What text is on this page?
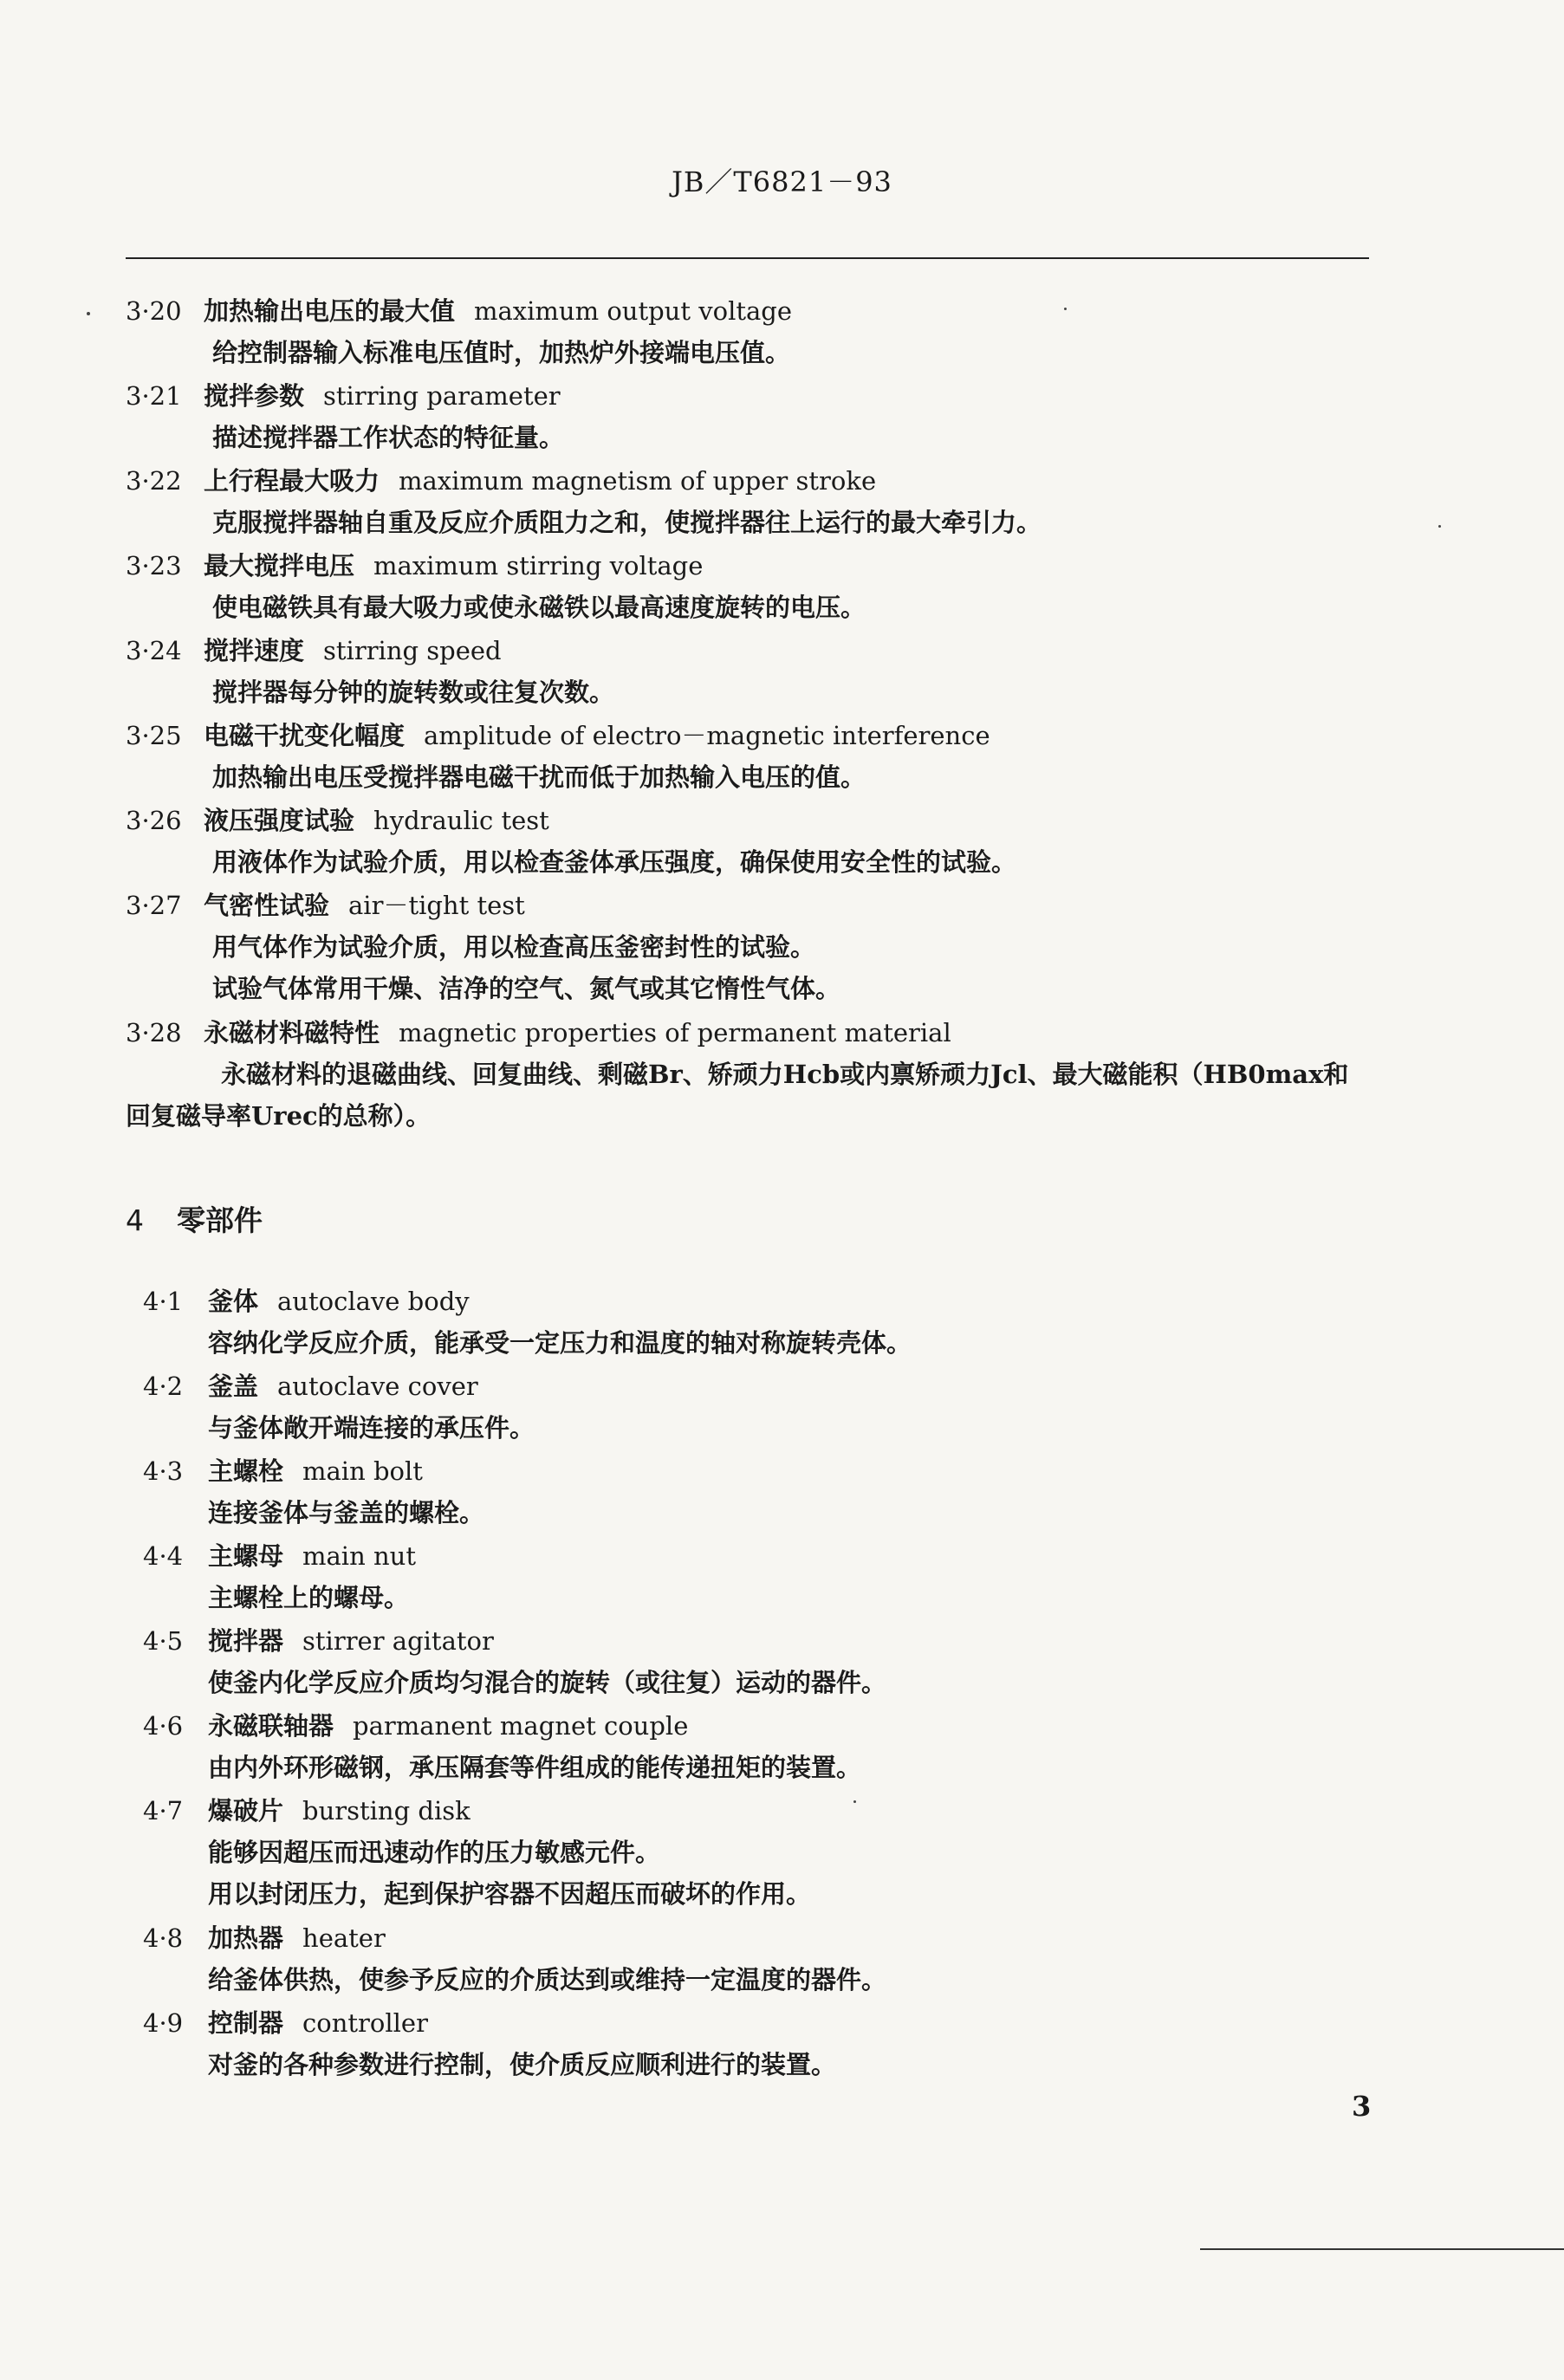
JB／T6821－93
3·20 加热输出电压的最大值 maximum output voltage
给控制器输入标准电压值时，加热炉外接端电压值。
3·21 搅拌参数 stirring parameter
描述搅拌器工作状态的特征量。
3·22 上行程最大吸力 maximum magnetism of upper stroke
克服搅拌器轴自重及反应介质阻力之和，使搅拌器往上运行的最大牵引力。
3·23 最大搅拌电压 maximum stirring voltage
使电磁铁具有最大吸力或使永磁铁以最高速度旋转的电压。
3·24 搅拌速度 stirring speed
搅拌器每分钟的旋转数或往复次数。
3·25 电磁干扰变化幅度 amplitude of electro－magnetic interference
加热输出电压受搅拌器电磁干扰而低于加热输入电压的值。
3·26 液压强度试验 hydraulic test
用液体作为试验介质，用以检查釜体承压强度，确保使用安全性的试验。
3·27 气密性试验 air－tight test
用气体作为试验介质，用以检查高压釜密封性的试验。
试验气体常用干燥、洁净的空气、氮气或其它惰性气体。
3·28 永磁材料磁特性 magnetic properties of permanent material
永磁材料的退磁曲线、回复曲线、剩磁Br、矫顽力Hcb或内禀矫顽力Jcl、最大磁能积（HB0max和
回复磁导率Urec的总称）。
4 零部件
4·1 釜体 autoclave body
容纳化学反应介质，能承受一定压力和温度的轴对称旋转壳体。
4·2 釜盖 autoclave cover
与釜体敞开端连接的承压件。
4·3 主螺栓 main bolt
连接釜体与釜盖的螺栓。
4·4 主螺母 main nut
主螺栓上的螺母。
4·5 搅拌器 stirrer agitator
使釜内化学反应介质均匀混合的旋转（或往复）运动的器件。
4·6 永磁联轴器 parmanent magnet couple
由内外环形磁钢，承压隔套等件组成的能传递扭矩的装置。
4·7 爆破片 bursting disk
能够因超压而迅速动作的压力敏感元件。
用以封闭压力，起到保护容器不因超压而破坏的作用。
4·8 加热器 heater
给釜体供热，使参予反应的介质达到或维持一定温度的器件。
4·9 控制器 controller
对釜的各种参数进行控制，使介质反应顺利进行的装置。
3
